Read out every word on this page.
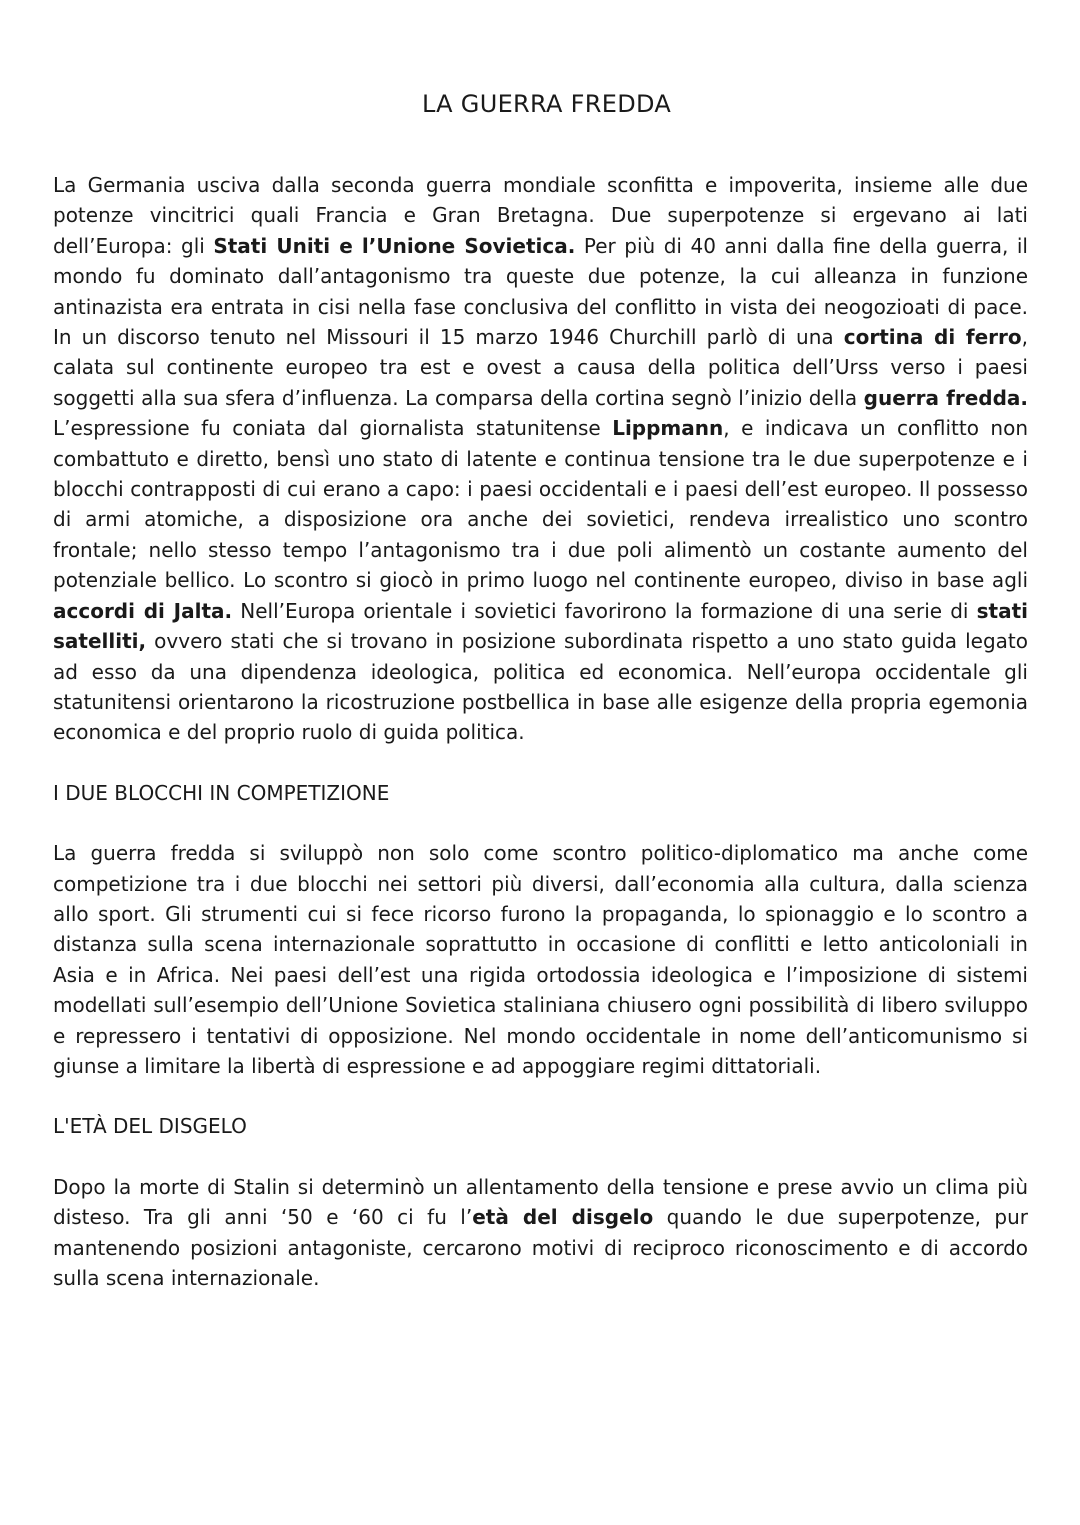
LA GUERRA FREDDA

La Germania usciva dalla seconda guerra mondiale sconfitta e impoverita, insieme alle due potenze vincitrici quali Francia e Gran Bretagna. Due superpotenze si ergevano ai lati dell’Europa: gli Stati Uniti e l’Unione Sovietica. Per più di 40 anni dalla fine della guerra, il mondo fu dominato dall’antagonismo tra queste due potenze, la cui alleanza in funzione antinazista era entrata in cisi nella fase conclusiva del conflitto in vista dei neogozioati di pace. In un discorso tenuto nel Missouri il 15 marzo 1946 Churchill parlò di una cortina di ferro, calata sul continente europeo tra est e ovest a causa della politica dell’Urss verso i paesi soggetti alla sua sfera d’influenza. La comparsa della cortina segnò l’inizio della guerra fredda. L’espressione fu coniata dal giornalista statunitense Lippmann, e indicava un conflitto non combattuto e diretto, bensì uno stato di latente e continua tensione tra le due superpotenze e i blocchi contrapposti di cui erano a capo: i paesi occidentali e i paesi dell’est europeo. Il possesso di armi atomiche, a disposizione ora anche dei sovietici, rendeva irrealistico uno scontro frontale; nello stesso tempo l’antagonismo tra i due poli alimentò un costante aumento del potenziale bellico. Lo scontro si giocò in primo luogo nel continente europeo, diviso in base agli accordi di Jalta. Nell’Europa orientale i sovietici favorirono la formazione di una serie di stati satelliti, ovvero stati che si trovano in posizione subordinata rispetto a uno stato guida legato ad esso da una dipendenza ideologica, politica ed economica. Nell’europa occidentale gli statunitensi orientarono la ricostruzione postbellica in base alle esigenze della propria egemonia economica e del proprio ruolo di guida politica.

I DUE BLOCCHI IN COMPETIZIONE

La guerra fredda si sviluppò non solo come scontro politico-diplomatico ma anche come competizione tra i due blocchi nei settori più diversi, dall’economia alla cultura, dalla scienza allo sport. Gli strumenti cui si fece ricorso furono la propaganda, lo spionaggio e lo scontro a distanza sulla scena internazionale soprattutto in occasione di conflitti e letto anticoloniali in Asia e in Africa. Nei paesi dell’est una rigida ortodossia ideologica e l’imposizione di sistemi modellati sull’esempio dell’Unione Sovietica staliniana chiusero ogni possibilità di libero sviluppo e repressero i tentativi di opposizione. Nel mondo occidentale in nome dell’anticomunismo si giunse a limitare la libertà di espressione e ad appoggiare regimi dittatoriali.

L'ETÀ DEL DISGELO

Dopo la morte di Stalin si determinò un allentamento della tensione e prese avvio un clima più disteso. Tra gli anni ‘50 e ‘60 ci fu l’età del disgelo quando le due superpotenze, pur mantenendo posizioni antagoniste, cercarono motivi di reciproco riconoscimento e di accordo sulla scena internazionale.
